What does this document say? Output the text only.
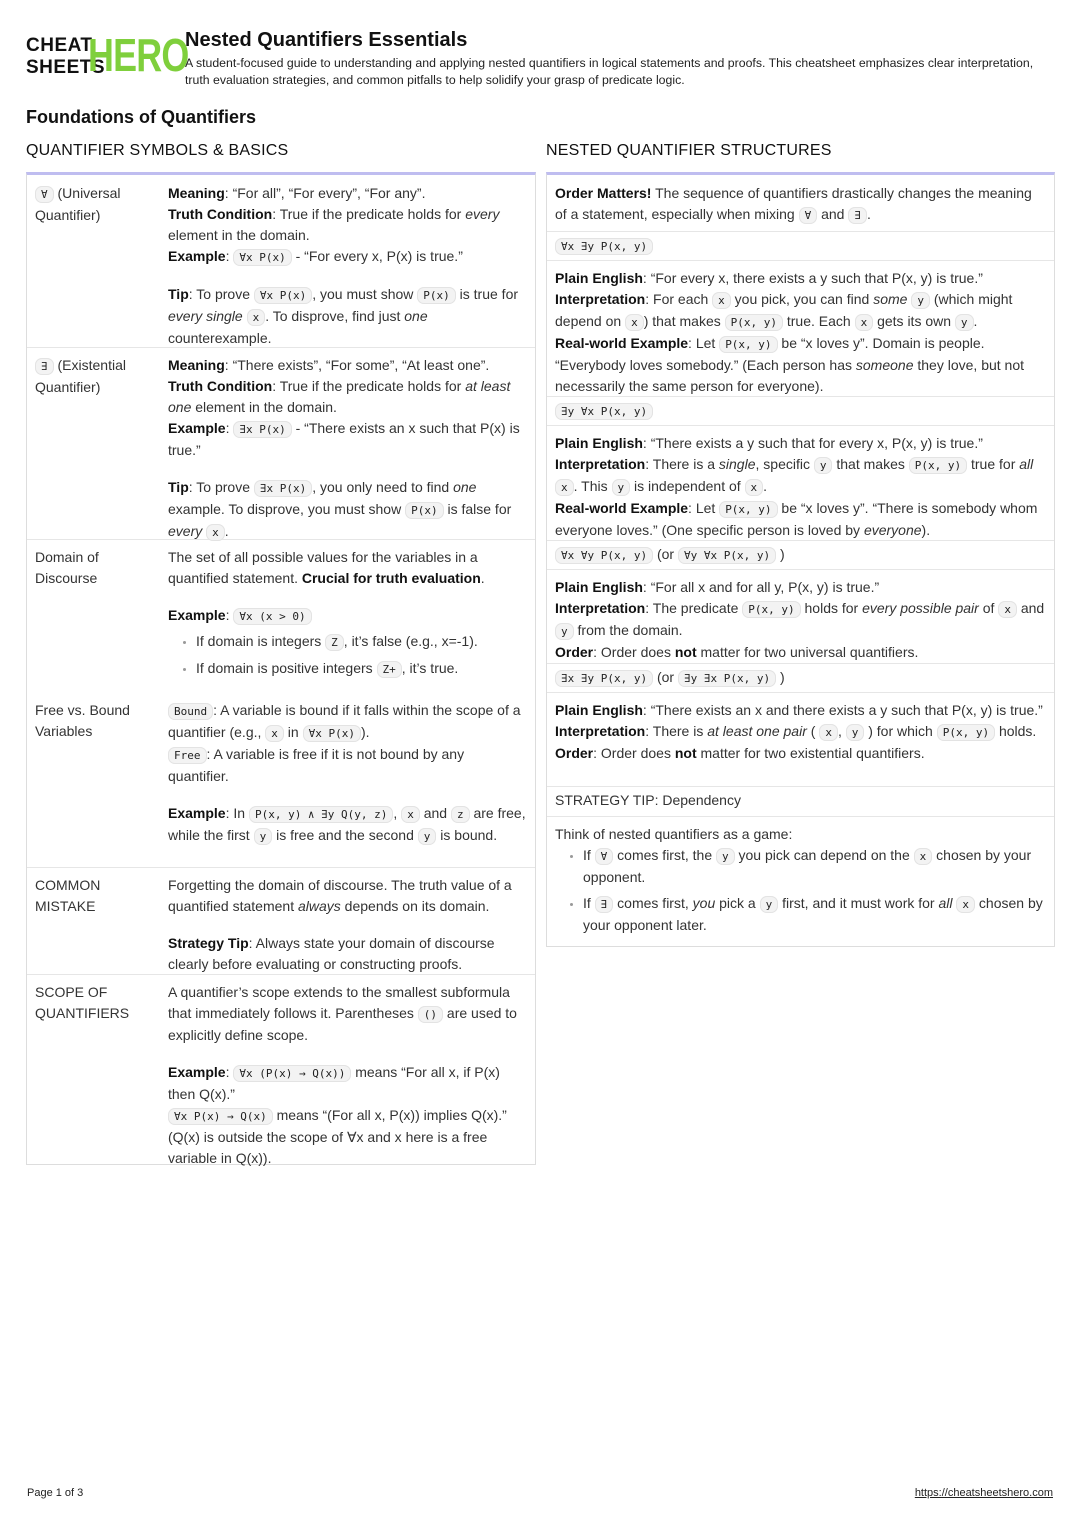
CHEAT
SHEETS
HERO
Nested Quantifiers Essentials
A student-focused guide to understanding and applying nested quantifiers in logical statements and proofs. This cheatsheet emphasizes clear interpretation, truth evaluation strategies, and common pitfalls to help solidify your grasp of predicate logic.
Foundations of Quantifiers
QUANTIFIER SYMBOLS & BASICS	NESTED QUANTIFIER STRUCTURES
∀ (Universal Quantifier)
Meaning: “For all”, “For every”, “For any”.
Truth Condition: True if the predicate holds for every element in the domain.
Example: ∀x P(x) - “For every x, P(x) is true.”
Tip: To prove ∀x P(x) , you must show P(x) is true for every single x . To disprove, find just one counterexample.
∃ (Existential Quantifier)
Meaning: “There exists”, “For some”, “At least one”.
Truth Condition: True if the predicate holds for at least one element in the domain.
Example: ∃x P(x) - “There exists an x such that P(x) is true.”
Tip: To prove ∃x P(x) , you only need to find one example. To disprove, you must show P(x) is false for every x .
Domain of Discourse
The set of all possible values for the variables in a quantified statement. Crucial for truth evaluation.
Example: ∀x (x > 0)
• If domain is integers Z , it’s false (e.g., x=-1).
• If domain is positive integers Z+ , it’s true.
Free vs. Bound Variables
Bound : A variable is bound if it falls within the scope of a quantifier (e.g., x in ∀x P(x) ).
Free : A variable is free if it is not bound by any quantifier.
Example: In P(x, y) ∧ ∃y Q(y, z) , x and z are free, while the first y is free and the second y is bound.
COMMON MISTAKE
Forgetting the domain of discourse. The truth value of a quantified statement always depends on its domain.
Strategy Tip: Always state your domain of discourse clearly before evaluating or constructing proofs.
SCOPE OF QUANTIFIERS
A quantifier’s scope extends to the smallest subformula that immediately follows it. Parentheses () are used to explicitly define scope.
Example: ∀x (P(x) → Q(x)) means “For all x, if P(x) then Q(x).”
∀x P(x) → Q(x) means “(For all x, P(x)) implies Q(x).” (Q(x) is outside the scope of ∀x and x here is a free variable in Q(x)).
Order Matters! The sequence of quantifiers drastically changes the meaning of a statement, especially when mixing ∀ and ∃ .
∀x ∃y P(x, y)
Plain English: “For every x, there exists a y such that P(x, y) is true.”
Interpretation: For each x you pick, you can find some y (which might depend on x ) that makes P(x, y) true. Each x gets its own y .
Real-world Example: Let P(x, y) be “x loves y”. Domain is people. “Everybody loves somebody.” (Each person has someone they love, but not necessarily the same person for everyone).
∃y ∀x P(x, y)
Plain English: “There exists a y such that for every x, P(x, y) is true.”
Interpretation: There is a single, specific y that makes P(x, y) true for all x . This y is independent of x .
Real-world Example: Let P(x, y) be “x loves y”. “There is somebody whom everyone loves.” (One specific person is loved by everyone).
∀x ∀y P(x, y) (or ∀y ∀x P(x, y) )
Plain English: “For all x and for all y, P(x, y) is true.”
Interpretation: The predicate P(x, y) holds for every possible pair of x and y from the domain.
Order: Order does not matter for two universal quantifiers.
∃x ∃y P(x, y) (or ∃y ∃x P(x, y) )
Plain English: “There exists an x and there exists a y such that P(x, y) is true.”
Interpretation: There is at least one pair ( x , y ) for which P(x, y) holds.
Order: Order does not matter for two existential quantifiers.
STRATEGY TIP: Dependency
Think of nested quantifiers as a game:
• If ∀ comes first, the y you pick can depend on the x chosen by your opponent.
• If ∃ comes first, you pick a y first, and it must work for all x chosen by your opponent later.
Page 1 of 3	https://cheatsheetshero.com
